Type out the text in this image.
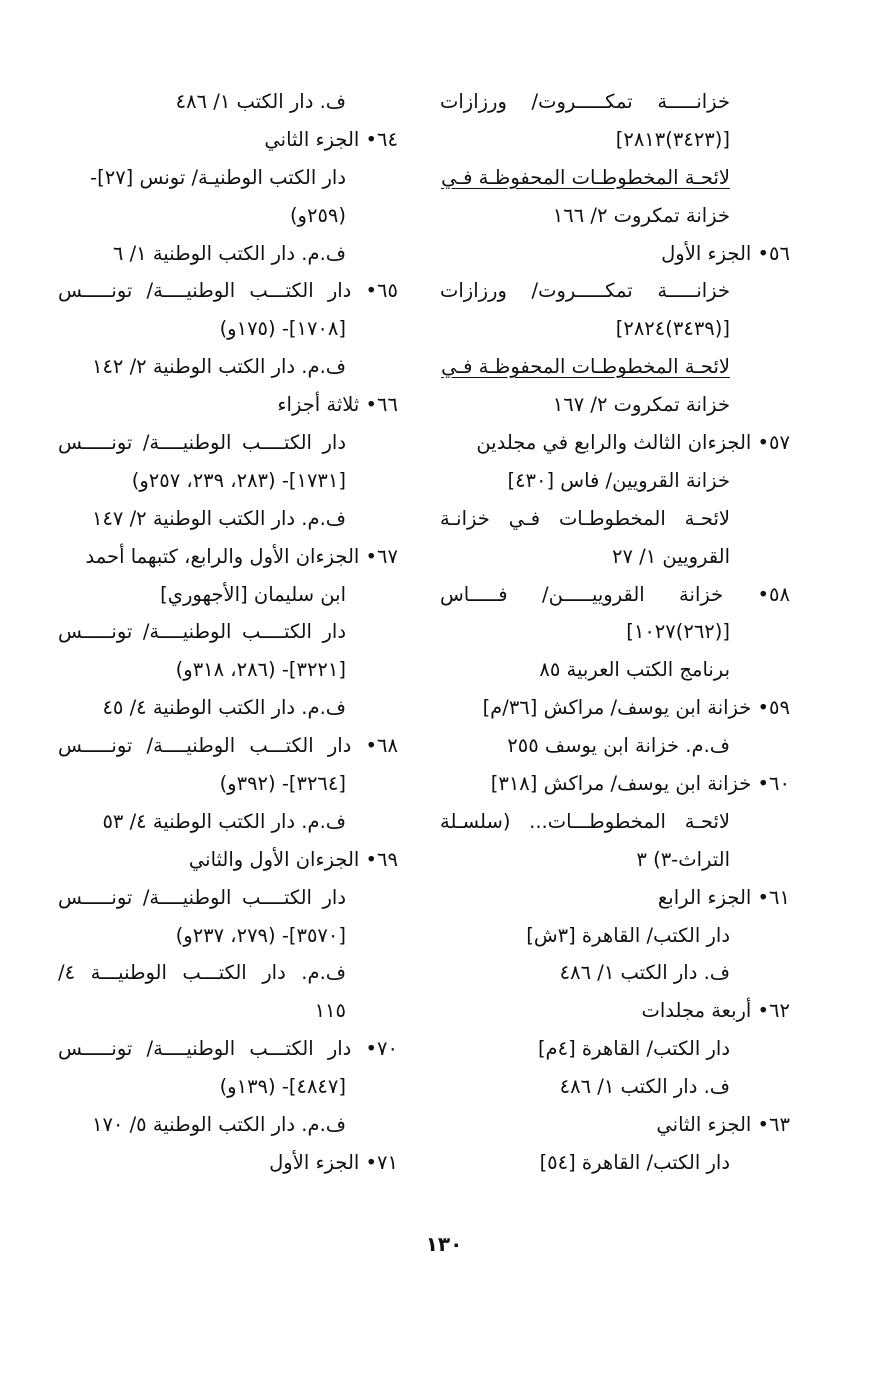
خزانـــــة تمكـــــروت/ ورزازات
[(٣٤٢٣)٢٨١٣]
لائحـة المخطوطـات المحفوظـة فـي
خزانة تمكروت ٢/ ١٦٦
٥٦• الجزء الأول
خزانـــــة تمكـــــروت/ ورزازات
[(٣٤٣٩)٢٨٢٤]
لائحـة المخطوطـات المحفوظـة فـي
خزانة تمكروت ٢/ ١٦٧
٥٧• الجزءان الثالث والرابع في مجلدين
خزانة القرويين/ فاس [٤٣٠]
لائحـة المخطوطـات فـي خزانـة
القرويين ١/ ٢٧
٥٨• خزانة القروييـــــن/ فـــــاس
[(٢٦٢)١٠٢٧]
برنامج الكتب العربية ٨٥
٥٩• خزانة ابن يوسف/ مراكش [٣٦/م]
ف.م. خزانة ابن يوسف ٢٥٥
٦٠• خزانة ابن يوسف/ مراكش [٣١٨]
لائحـة المخطوطـــات... (سلسـلة
التراث-٣) ٣
٦١• الجزء الرابع
دار الكتب/ القاهرة [٣ش]
ف. دار الكتب ١/ ٤٨٦
٦٢• أربعة مجلدات
دار الكتب/ القاهرة [٤م]
ف. دار الكتب ١/ ٤٨٦
٦٣• الجزء الثاني
دار الكتب/ القاهرة [٥٤]
ف. دار الكتب ١/ ٤٨٦
٦٤• الجزء الثاني
دار الكتب الوطنيـة/ تونس [٢٧]-
(٢٥٩و)
ف.م. دار الكتب الوطنية ١/ ٦
٦٥• دار الكتـــب الوطنيــــة/ تونـــــس
[١٧٠٨]- (١٧٥و)
ف.م. دار الكتب الوطنية ٢/ ١٤٢
٦٦• ثلاثة أجزاء
دار الكتــــب الوطنيــــة/ تونـــــس
[١٧٣١]- (٢٨٣، ٢٣٩، ٢٥٧و)
ف.م. دار الكتب الوطنية ٢/ ١٤٧
٦٧• الجزءان الأول والرابع، كتبهما أحمد
ابن سليمان [الأجهوري]
دار الكتــــب الوطنيــــة/ تونـــــس
[٣٢٢١]- (٢٨٦، ٣١٨و)
ف.م. دار الكتب الوطنية ٤/ ٤٥
٦٨• دار الكتـــب الوطنيــــة/ تونـــــس
[٣٢٦٤]- (٣٩٢و)
ف.م. دار الكتب الوطنية ٤/ ٥٣
٦٩• الجزءان الأول والثاني
دار الكتــــب الوطنيــــة/ تونـــــس
[٣٥٧٠]- (٢٧٩، ٢٣٧و)
ف.م. دار الكتـــب الوطنيـــة ٤/
١١٥
٧٠• دار الكتـــب الوطنيــــة/ تونـــــس
[٤٨٤٧]- (١٣٩و)
ف.م. دار الكتب الوطنية ٥/ ١٧٠
٧١• الجزء الأول
١٣٠
